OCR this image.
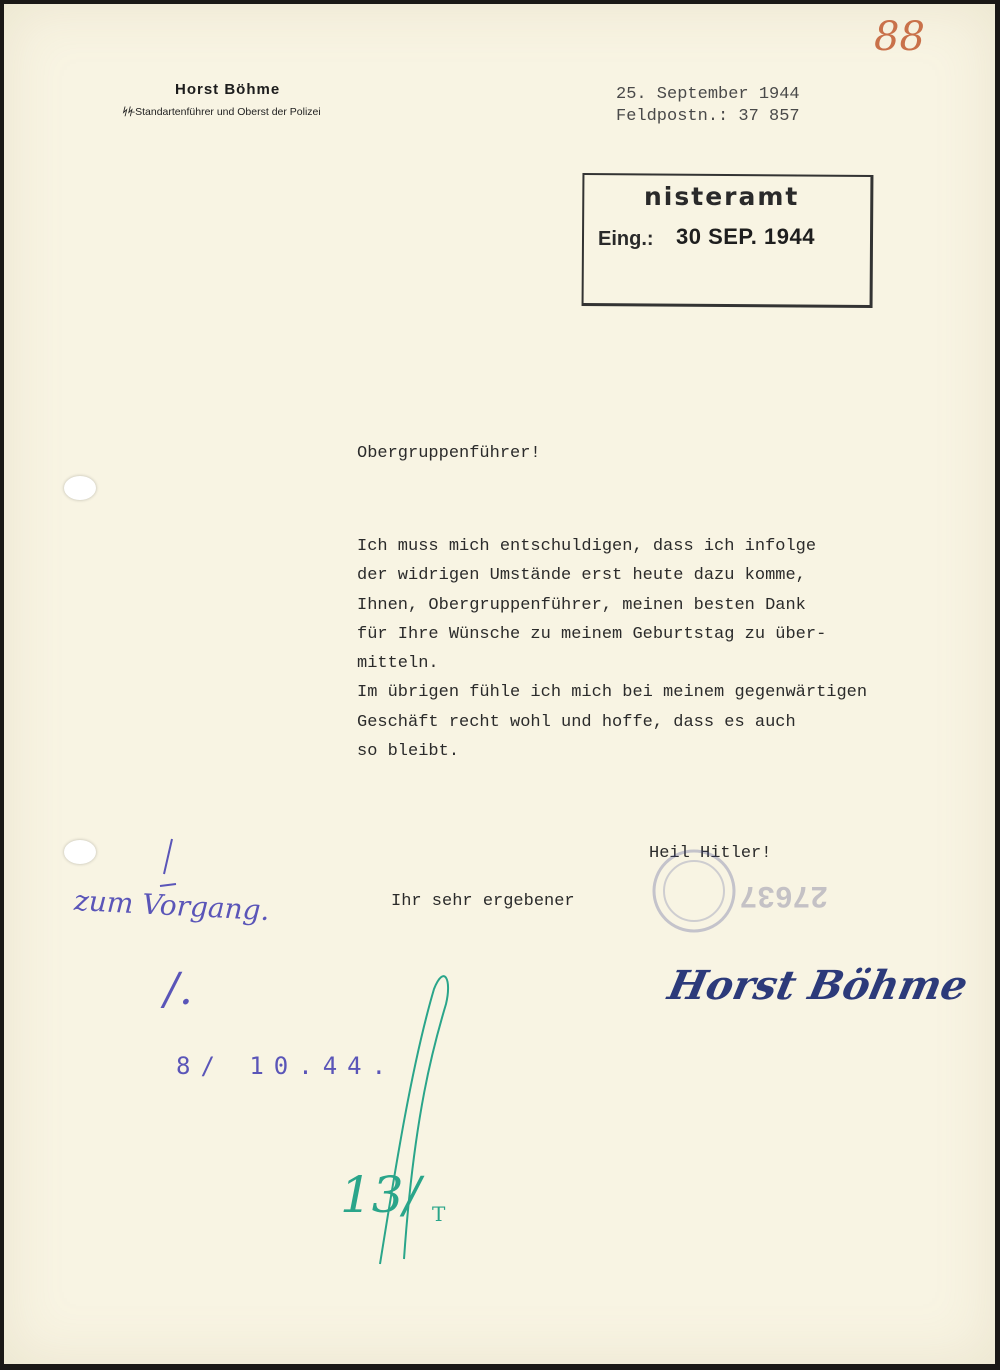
88
Horst Böhme
ᛋᛋ-Standartenführer und Oberst der Polizei
25. September 1944
Feldpostn.: 37 857
nisteramt
Eing.: 30 SEP. 1944
Obergruppenführer!
Ich muss mich entschuldigen, dass ich infolge
der widrigen Umstände erst heute dazu komme,
Ihnen, Obergruppenführer, meinen besten Dank
für Ihre Wünsche zu meinem Geburtstag zu über-
mitteln.
Im übrigen fühle ich mich bei meinem gegenwärtigen
Geschäft recht wohl und hoffe, dass es auch
so bleibt.
Heil Hitler!
Ihr sehr ergebener	27637
zum Vorgang.
/.
8/ 10.44.
Horst Böhme
13/ T
